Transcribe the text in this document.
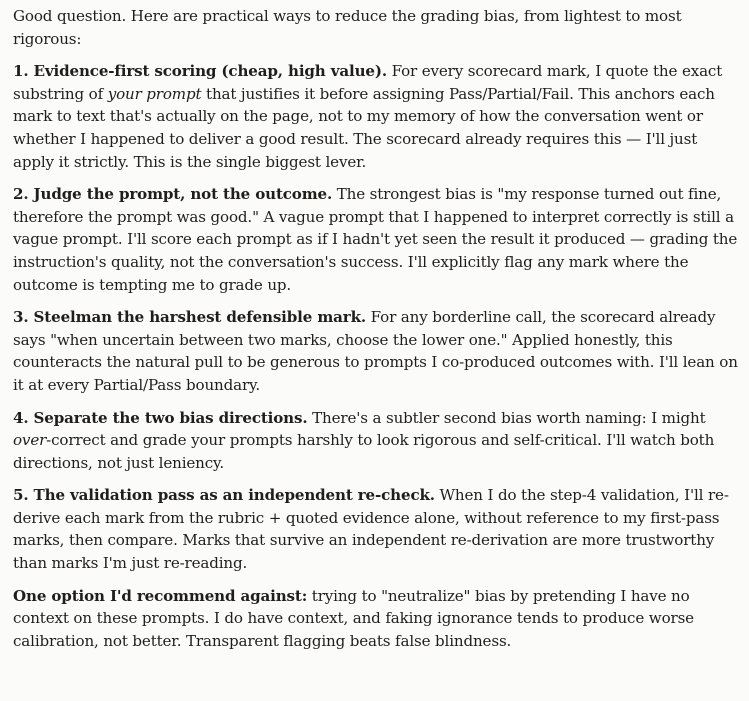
Good question. Here are practical ways to reduce the grading bias, from lightest to most rigorous:

1. Evidence-first scoring (cheap, high value). For every scorecard mark, I quote the exact substring of your prompt that justifies it before assigning Pass/Partial/Fail. This anchors each mark to text that's actually on the page, not to my memory of how the conversation went or whether I happened to deliver a good result. The scorecard already requires this — I'll just apply it strictly. This is the single biggest lever.

2. Judge the prompt, not the outcome. The strongest bias is "my response turned out fine, therefore the prompt was good." A vague prompt that I happened to interpret correctly is still a vague prompt. I'll score each prompt as if I hadn't yet seen the result it produced — grading the instruction's quality, not the conversation's success. I'll explicitly flag any mark where the outcome is tempting me to grade up.

3. Steelman the harshest defensible mark. For any borderline call, the scorecard already says "when uncertain between two marks, choose the lower one." Applied honestly, this counteracts the natural pull to be generous to prompts I co-produced outcomes with. I'll lean on it at every Partial/Pass boundary.

4. Separate the two bias directions. There's a subtler second bias worth naming: I might over-correct and grade your prompts harshly to look rigorous and self-critical. I'll watch both directions, not just leniency.

5. The validation pass as an independent re-check. When I do the step-4 validation, I'll re-derive each mark from the rubric + quoted evidence alone, without reference to my first-pass marks, then compare. Marks that survive an independent re-derivation are more trustworthy than marks I'm just re-reading.

One option I'd recommend against: trying to "neutralize" bias by pretending I have no context on these prompts. I do have context, and faking ignorance tends to produce worse calibration, not better. Transparent flagging beats false blindness.
